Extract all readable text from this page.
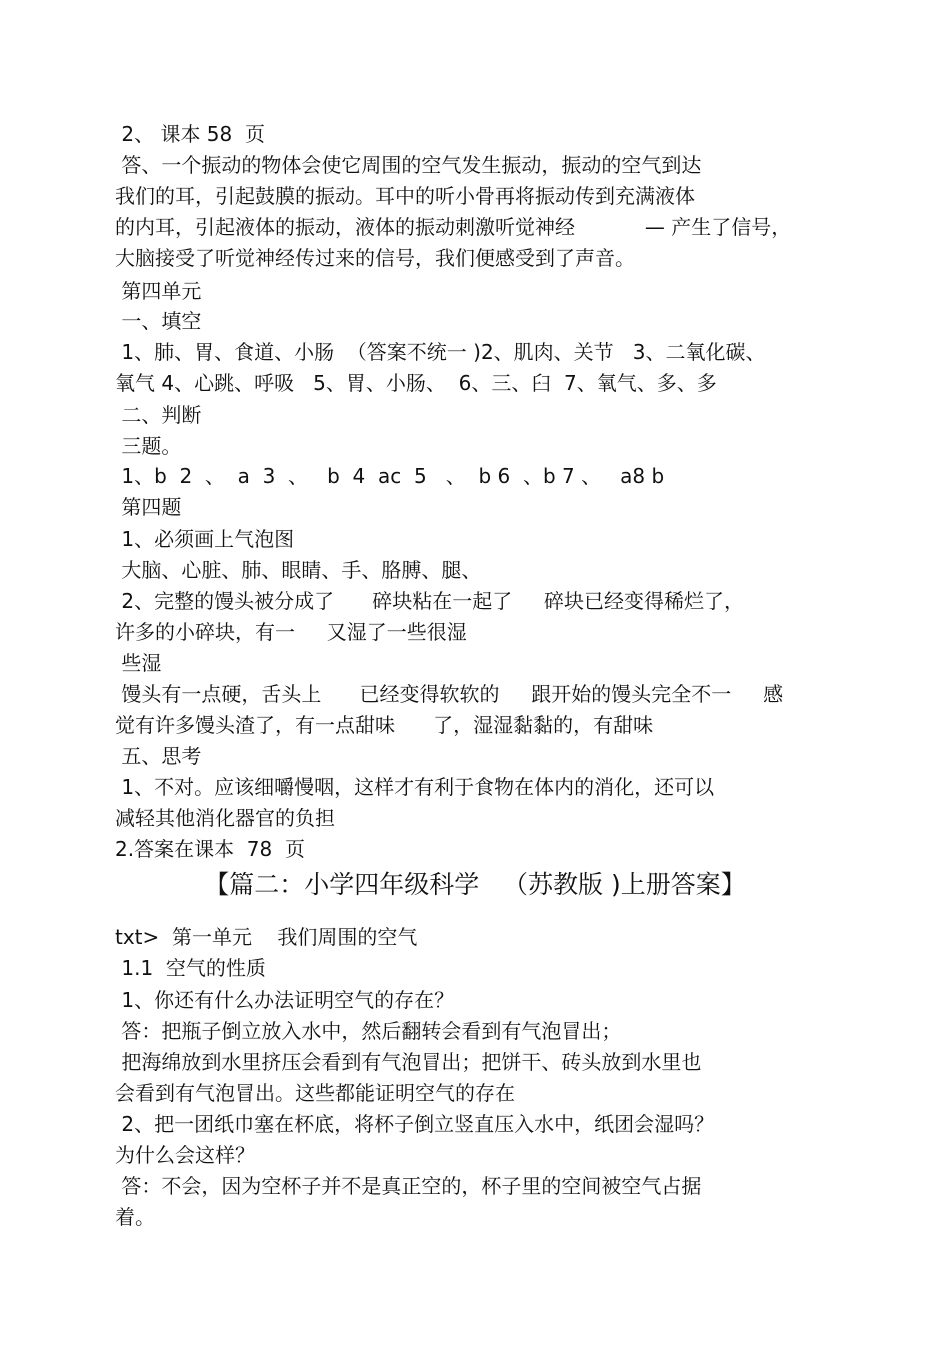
2、 课本 58  页
答、一个振动的物体会使它周围的空气发生振动，振动的空气到达
我们的耳，引起鼓膜的振动。耳中的听小骨再将振动传到充满液体
的内耳，引起液体的振动，液体的振动刺激听觉神经           — 产生了信号，
大脑接受了听觉神经传过来的信号，我们便感受到了声音。
第四单元
一、填空
1、肺、胃、食道、小肠  （答案不统一 )2、肌肉、关节   3、二氧化碳、
氧气 4、心跳、呼吸   5、胃、小肠、  6、三、臼  7、氧气、多、多
二、判断
三题。
1、b  2  、  a  3  、   b  4  ac  5   、  b 6  、b 7 、   a8 b
第四题
1、必须画上气泡图
大脑、心脏、肺、眼睛、手、胳膊、腿、
2、完整的馒头被分成了      碎块粘在一起了     碎块已经变得稀烂了，
许多的小碎块，有一     又湿了一些很湿
些湿
馒头有一点硬，舌头上      已经变得软软的     跟开始的馒头完全不一     感
觉有许多馒头渣了，有一点甜味      了，湿湿黏黏的，有甜味
五、思考
1、不对。应该细嚼慢咽，这样才有利于食物在体内的消化，还可以
减轻其他消化器官的负担
2.答案在课本  78  页
【篇二：小学四年级科学   （苏教版 )上册答案】
txt>  第一单元    我们周围的空气
1.1  空气的性质
1、你还有什么办法证明空气的存在？
答：把瓶子倒立放入水中，然后翻转会看到有气泡冒出；
把海绵放到水里挤压会看到有气泡冒出；把饼干、砖头放到水里也
会看到有气泡冒出。这些都能证明空气的存在
2、把一团纸巾塞在杯底，将杯子倒立竖直压入水中，纸团会湿吗？
为什么会这样？
答：不会，因为空杯子并不是真正空的，杯子里的空间被空气占据
着。
